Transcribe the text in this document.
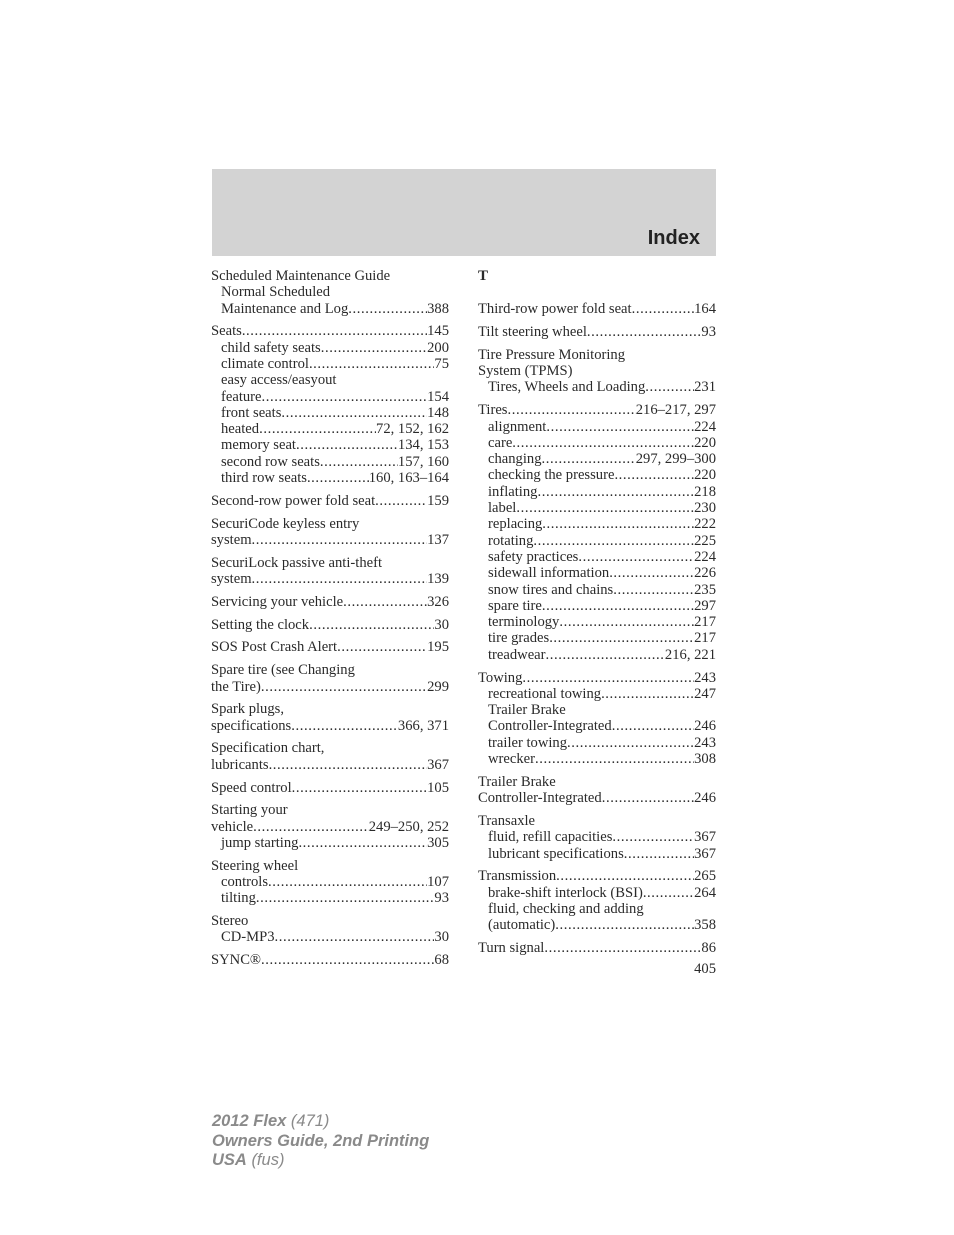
Index
Scheduled Maintenance Guide
Normal Scheduled
Maintenance and Log .....	388
Seats .....	145
child safety seats .....	200
climate control .....	75
easy access/easyout
feature .....	154
front seats .....	148
heated .....	72, 152, 162
memory seat .....	134, 153
second row seats .....	157, 160
third row seats .....	160, 163–164
Second-row power fold seat .....	159
SecuriCode keyless entry
system .....	137
SecuriLock passive anti-theft
system .....	139
Servicing your vehicle .....	326
Setting the clock .....	30
SOS Post Crash Alert .....	195
Spare tire (see Changing
the Tire) .....	299
Spark plugs,
specifications .....	366, 371
Specification chart,
lubricants .....	367
Speed control .....	105
Starting your
vehicle .....	249–250, 252
jump starting .....	305
Steering wheel
controls .....	107
tilting .....	93
Stereo
CD-MP3 .....	30
SYNC® .....	68
T
Third-row power fold seat .....	164
Tilt steering wheel .....	93
Tire Pressure Monitoring
System (TPMS)
Tires, Wheels and Loading .....	231
Tires .....	216–217, 297
alignment .....	224
care .....	220
changing .....	297, 299–300
checking the pressure .....	220
inflating .....	218
label .....	230
replacing .....	222
rotating .....	225
safety practices .....	224
sidewall information .....	226
snow tires and chains .....	235
spare tire .....	297
terminology .....	217
tire grades .....	217
treadwear .....	216, 221
Towing .....	243
recreational towing .....	247
Trailer Brake
Controller-Integrated .....	246
trailer towing .....	243
wrecker .....	308
Trailer Brake
Controller-Integrated .....	246
Transaxle
fluid, refill capacities .....	367
lubricant specifications .....	367
Transmission .....	265
brake-shift interlock (BSI) .....	264
fluid, checking and adding
(automatic) .....	358
Turn signal .....	86
405
2012 Flex (471)
Owners Guide, 2nd Printing
USA (fus)
